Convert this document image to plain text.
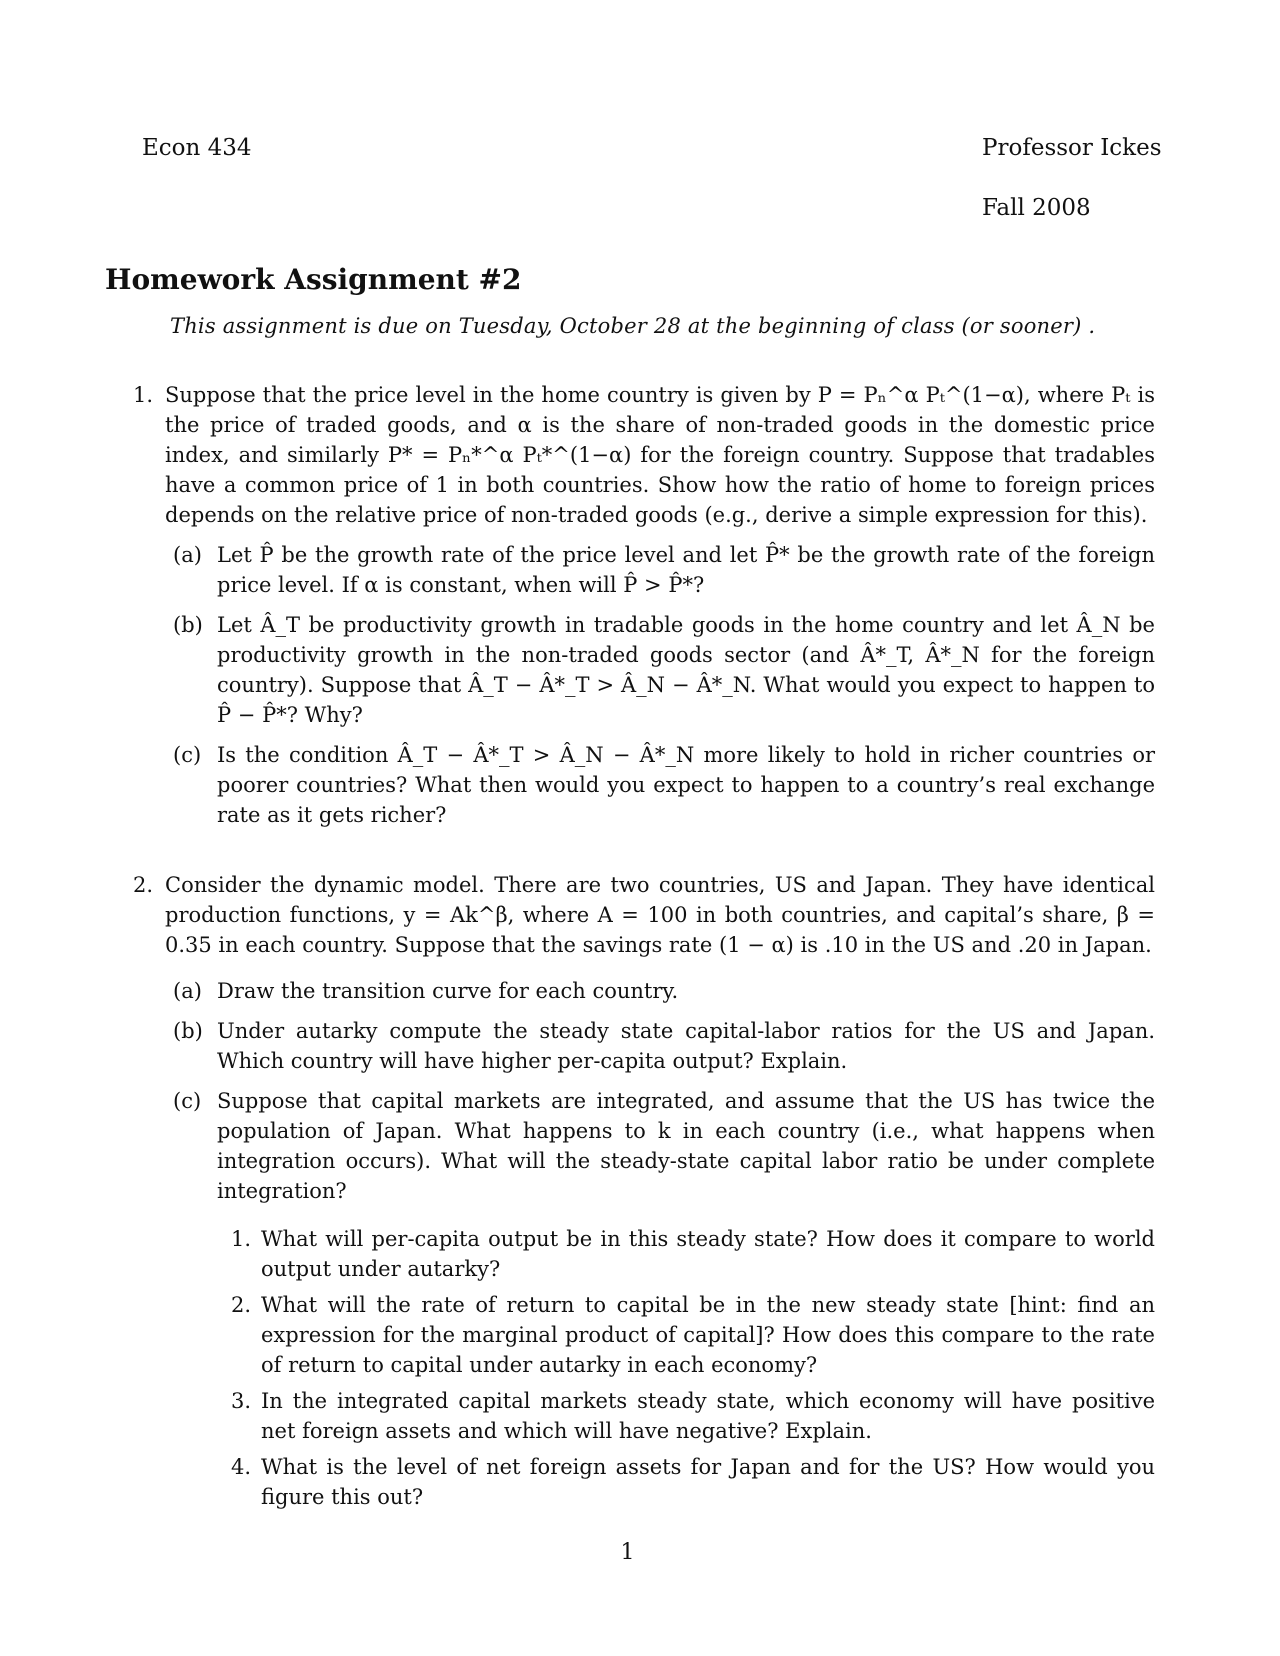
Econ 434	Professor Ickes
Fall 2008
Homework Assignment #2
This assignment is due on Tuesday, October 28 at the beginning of class (or sooner) .
1. Suppose that the price level in the home country is given by P = Pₙ^α Pₜ^(1−α), where Pₜ is the price of traded goods, and α is the share of non-traded goods in the domestic price index, and similarly P* = Pₙ*^α Pₜ*^(1−α) for the foreign country. Suppose that tradables have a common price of 1 in both countries. Show how the ratio of home to foreign prices depends on the relative price of non-traded goods (e.g., derive a simple expression for this).
(a) Let P̂ be the growth rate of the price level and let P̂* be the growth rate of the foreign price level. If α is constant, when will P̂ > P̂*?
(b) Let Â_T be productivity growth in tradable goods in the home country and let Â_N be productivity growth in the non-traded goods sector (and Â*_T, Â*_N for the foreign country). Suppose that Â_T − Â*_T > Â_N − Â*_N. What would you expect to happen to P̂ − P̂*? Why?
(c) Is the condition Â_T − Â*_T > Â_N − Â*_N more likely to hold in richer countries or poorer countries? What then would you expect to happen to a country’s real exchange rate as it gets richer?
2. Consider the dynamic model. There are two countries, US and Japan. They have identical production functions, y = Ak^β, where A = 100 in both countries, and capital’s share, β = 0.35 in each country. Suppose that the savings rate (1 − α) is .10 in the US and .20 in Japan.
(a) Draw the transition curve for each country.
(b) Under autarky compute the steady state capital-labor ratios for the US and Japan. Which country will have higher per-capita output? Explain.
(c) Suppose that capital markets are integrated, and assume that the US has twice the population of Japan. What happens to k in each country (i.e., what happens when integration occurs). What will the steady-state capital labor ratio be under complete integration?
1. What will per-capita output be in this steady state? How does it compare to world output under autarky?
2. What will the rate of return to capital be in the new steady state [hint: find an expression for the marginal product of capital]? How does this compare to the rate of return to capital under autarky in each economy?
3. In the integrated capital markets steady state, which economy will have positive net foreign assets and which will have negative? Explain.
4. What is the level of net foreign assets for Japan and for the US? How would you figure this out?
1
